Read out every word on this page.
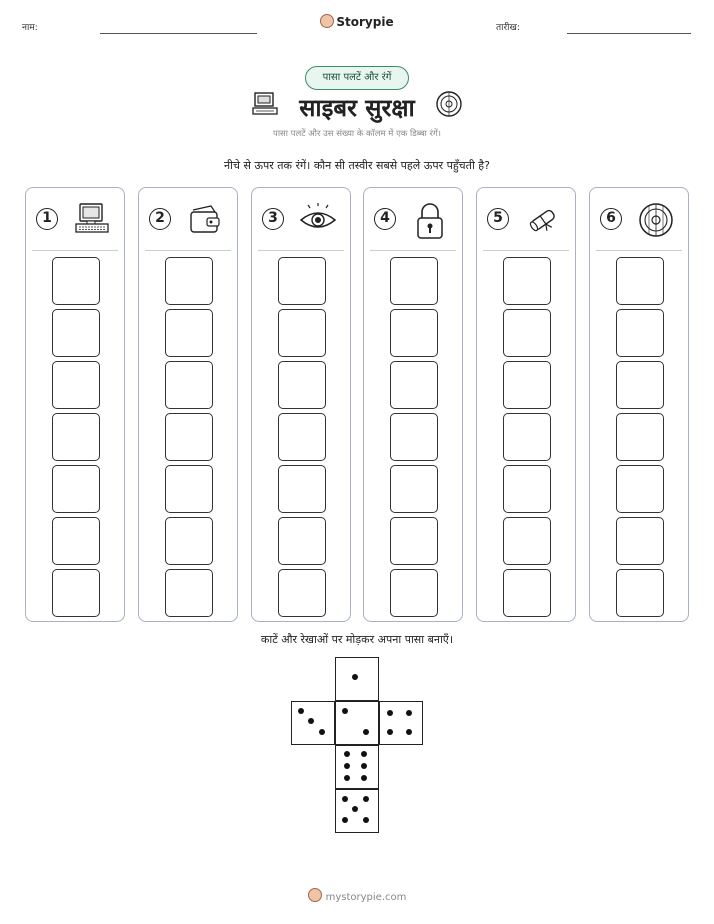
नाम:	Storypie	तारीख:
पासा पलटें और रंगें
साइबर सुरक्षा
पासा पलटें और उस संख्या के कॉलम में एक डिब्बा रंगें।
नीचे से ऊपर तक रंगें। कौन सी तस्वीर सबसे पहले ऊपर पहुँचती है?
1	2	3	4	5	6
काटें और रेखाओं पर मोड़कर अपना पासा बनाएँ।
mystorypie.com
